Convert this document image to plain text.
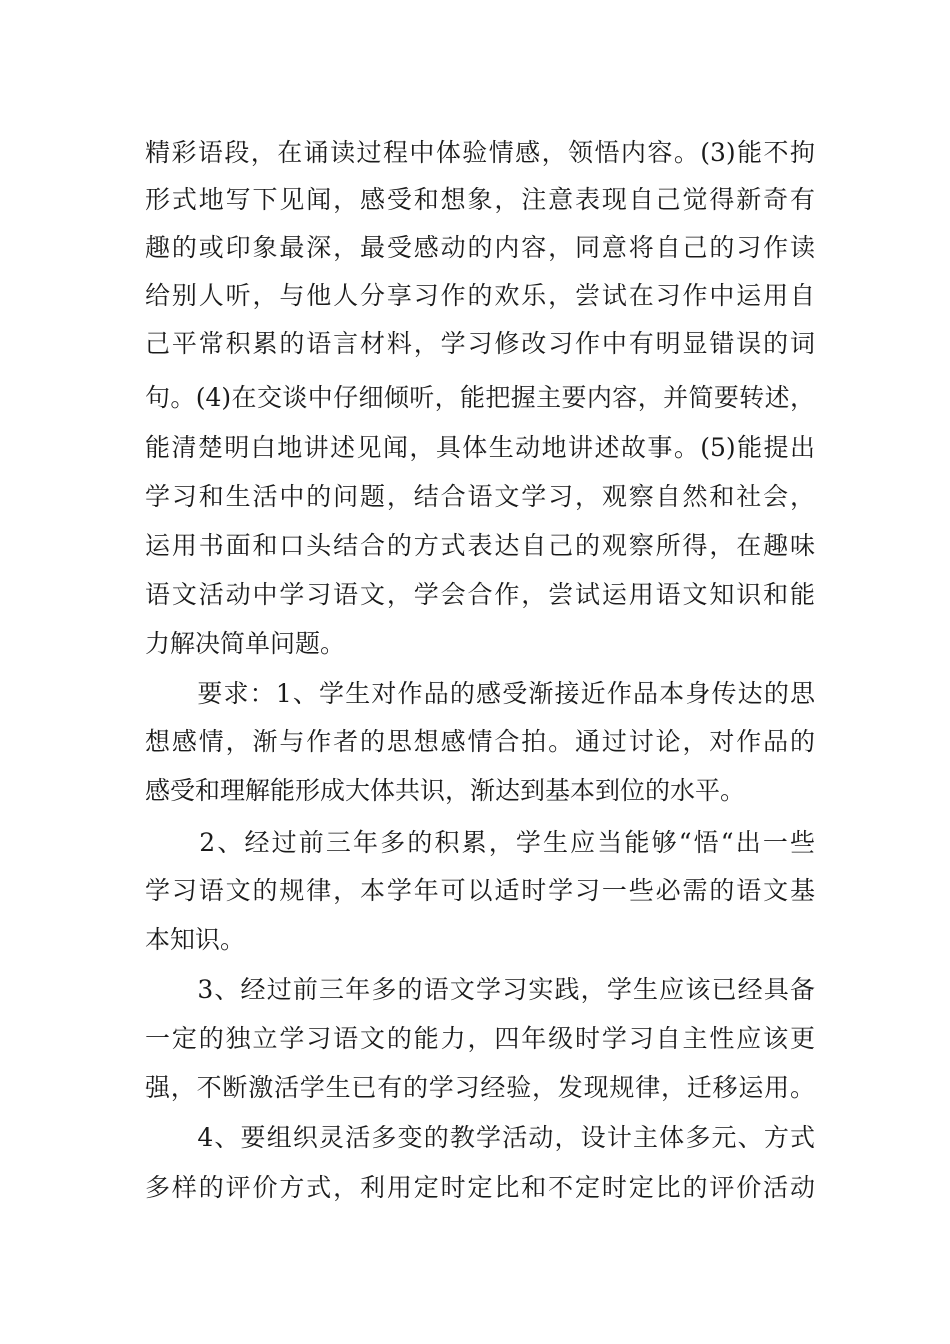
精彩语段，在诵读过程中体验情感，领悟内容。(3)能不拘
形式地写下见闻，感受和想象，注意表现自己觉得新奇有
趣的或印象最深，最受感动的内容，同意将自己的习作读
给别人听，与他人分享习作的欢乐，尝试在习作中运用自
己平常积累的语言材料，学习修改习作中有明显错误的词
句。(4)在交谈中仔细倾听，能把握主要内容，并简要转述，
能清楚明白地讲述见闻，具体生动地讲述故事。(5)能提出
学习和生活中的问题，结合语文学习，观察自然和社会，
运用书面和口头结合的方式表达自己的观察所得，在趣味
语文活动中学习语文，学会合作，尝试运用语文知识和能
力解决简单问题。
　　要求：1、学生对作品的感受渐接近作品本身传达的思
想感情，渐与作者的思想感情合拍。通过讨论，对作品的
感受和理解能形成大体共识，渐达到基本到位的水平。
　　2、经过前三年多的积累，学生应当能够“悟“出一些
学习语文的规律，本学年可以适时学习一些必需的语文基
本知识。
　　3、经过前三年多的语文学习实践，学生应该已经具备
一定的独立学习语文的能力，四年级时学习自主性应该更
强，不断激活学生已有的学习经验，发现规律，迁移运用。
　　4、要组织灵活多变的教学活动，设计主体多元、方式
多样的评价方式，利用定时定比和不定时定比的评价活动
